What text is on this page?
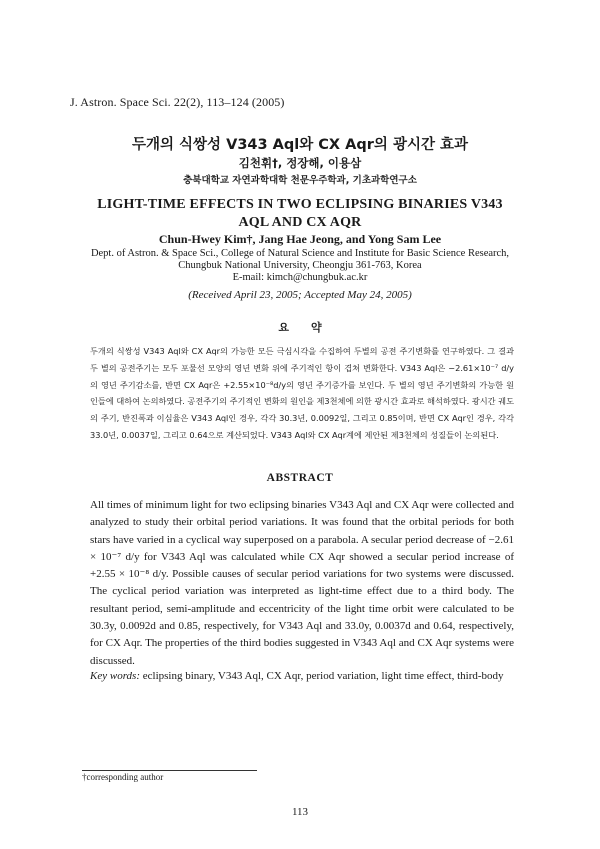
J. Astron. Space Sci. 22(2), 113–124 (2005)
두개의 식쌍성 V343 Aql와 CX Aqr의 광시간 효과
김천휘†, 정장해, 이용삼
충북대학교 자연과학대학 천문우주학과, 기초과학연구소
LIGHT-TIME EFFECTS IN TWO ECLIPSING BINARIES V343
AQL AND CX AQR
Chun-Hwey Kim†, Jang Hae Jeong, and Yong Sam Lee
Dept. of Astron. & Space Sci., College of Natural Science and Institute for Basic Science Research,
Chungbuk National University, Cheongju 361-763, Korea
E-mail: kimch@chungbuk.ac.kr
(Received April 23, 2005; Accepted May 24, 2005)
요약
두개의 식쌍성 V343 Aql와 CX Aqr의 가능한 모든 극심시각을 수집하여 두별의 공전 주기변화를 연구하였다. 그 결과 두 별의 공전주기는 모두 포물선 모양의 영년 변화 위에 주기적인 항이 겹쳐 변화한다. V343 Aql은 −2.61×10⁻⁷ d/y의 영년 주기감소를, 반면 CX Aqr은 +2.55×10⁻⁸d/y의 영년 주기증가를 보인다. 두 별의 영년 주기변화의 가능한 원인들에 대하여 논의하였다. 공전주기의 주기적인 변화의 원인을 제3천체에 의한 광시간 효과로 해석하였다. 광시간 궤도의 주기, 반진폭과 이심율은 V343 Aql인 경우, 각각 30.3년, 0.0092일, 그리고 0.85이며, 반면 CX Aqr인 경우, 각각 33.0년, 0.0037일, 그리고 0.64으로 계산되었다. V343 Aql와 CX Aqr계에 제안된 제3천체의 성질들이 논의된다.
ABSTRACT
All times of minimum light for two eclipsing binaries V343 Aql and CX Aqr were collected and analyzed to study their orbital period variations. It was found that the orbital periods for both stars have varied in a cyclical way superposed on a parabola. A secular period decrease of −2.61 × 10⁻⁷ d/y for V343 Aql was calculated while CX Aqr showed a secular period increase of +2.55 × 10⁻⁸ d/y. Possible causes of secular period variations for two systems were discussed. The cyclical period variation was interpreted as light-time effect due to a third body. The resultant period, semi-amplitude and eccentricity of the light time orbit were calculated to be 30.3y, 0.0092d and 0.85, respectively, for V343 Aql and 33.0y, 0.0037d and 0.64, respectively, for CX Aqr. The properties of the third bodies suggested in V343 Aql and CX Aqr systems were discussed.
Key words: eclipsing binary, V343 Aql, CX Aqr, period variation, light time effect, third-body
†corresponding author
113
